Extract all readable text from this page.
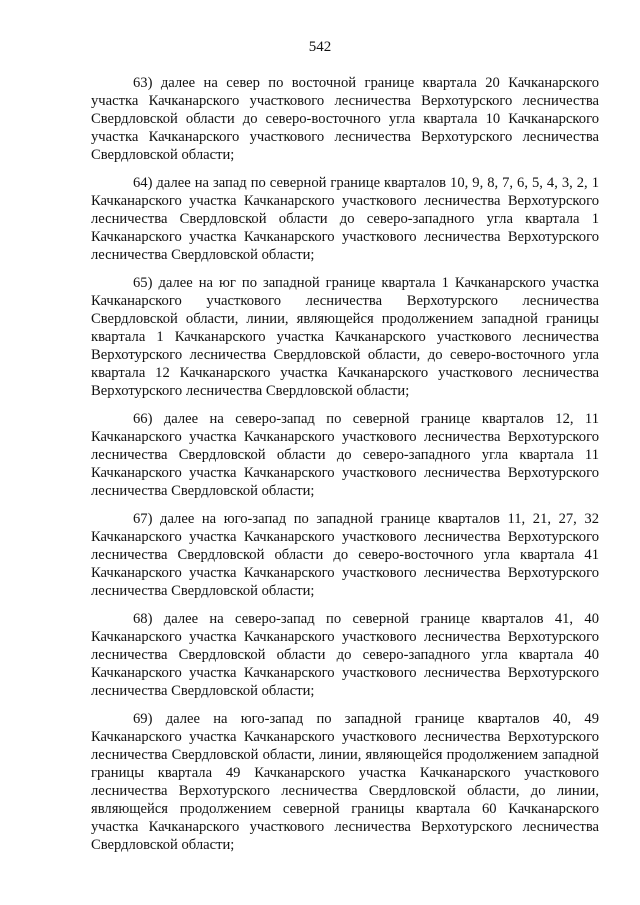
542

63) далее на север по восточной границе квартала 20 Качканарского участка Качканарского участкового лесничества Верхотурского лесничества Свердловской области до северо-восточного угла квартала 10 Качканарского участка Качканарского участкового лесничества Верхотурского лесничества Свердловской области;

64) далее на запад по северной границе кварталов 10, 9, 8, 7, 6, 5, 4, 3, 2, 1 Качканарского участка Качканарского участкового лесничества Верхотурского лесничества Свердловской области до северо-западного угла квартала 1 Качканарского участка Качканарского участкового лесничества Верхотурского лесничества Свердловской области;

65) далее на юг по западной границе квартала 1 Качканарского участка Качканарского участкового лесничества Верхотурского лесничества Свердловской области, линии, являющейся продолжением западной границы квартала 1 Качканарского участка Качканарского участкового лесничества Верхотурского лесничества Свердловской области, до северо-восточного угла квартала 12 Качканарского участка Качканарского участкового лесничества Верхотурского лесничества Свердловской области;

66) далее на северо-запад по северной границе кварталов 12, 11 Качканарского участка Качканарского участкового лесничества Верхотурского лесничества Свердловской области до северо-западного угла квартала 11 Качканарского участка Качканарского участкового лесничества Верхотурского лесничества Свердловской области;

67) далее на юго-запад по западной границе кварталов 11, 21, 27, 32 Качканарского участка Качканарского участкового лесничества Верхотурского лесничества Свердловской области до северо-восточного угла квартала 41 Качканарского участка Качканарского участкового лесничества Верхотурского лесничества Свердловской области;

68) далее на северо-запад по северной границе кварталов 41, 40 Качканарского участка Качканарского участкового лесничества Верхотурского лесничества Свердловской области до северо-западного угла квартала 40 Качканарского участка Качканарского участкового лесничества Верхотурского лесничества Свердловской области;

69) далее на юго-запад по западной границе кварталов 40, 49 Качканарского участка Качканарского участкового лесничества Верхотурского лесничества Свердловской области, линии, являющейся продолжением западной границы квартала 49 Качканарского участка Качканарского участкового лесничества Верхотурского лесничества Свердловской области, до линии, являющейся продолжением северной границы квартала 60 Качканарского участка Качканарского участкового лесничества Верхотурского лесничества Свердловской области;
